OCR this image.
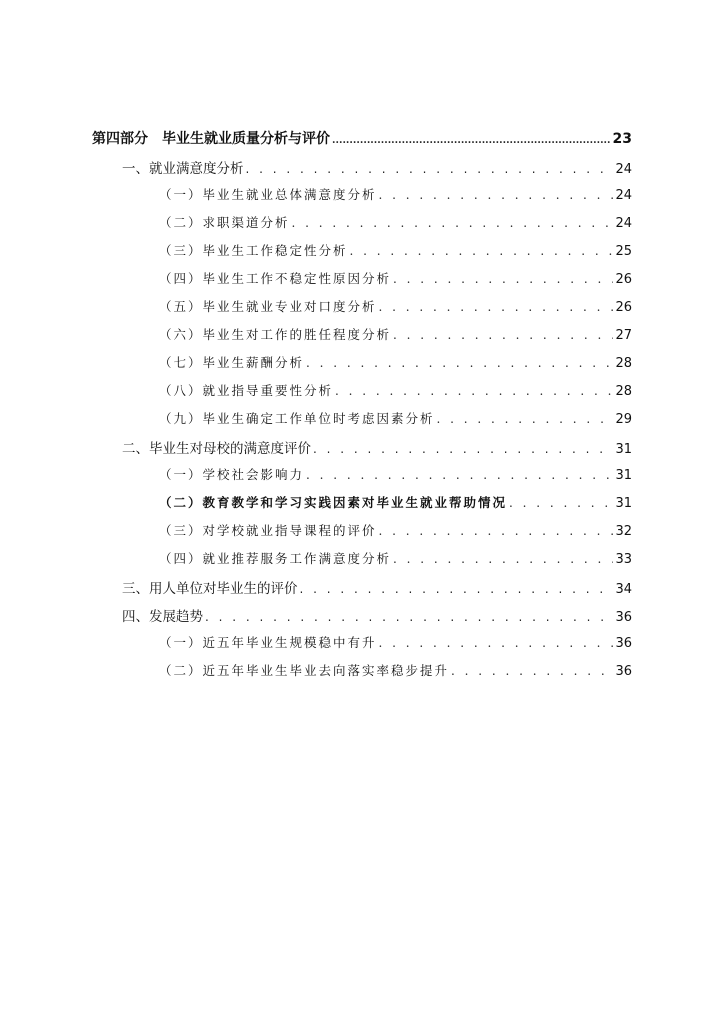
第四部分　毕业生就业质量分析与评价 .....	23
一、就业满意度分析 . . .	24
（一）毕业生就业总体满意度分析 . . .	24
（二）求职渠道分析 . . .	24
（三）毕业生工作稳定性分析 . . .	25
（四）毕业生工作不稳定性原因分析 . . .	26
（五）毕业生就业专业对口度分析 . . .	26
（六）毕业生对工作的胜任程度分析 . . .	27
（七）毕业生薪酬分析 . . .	28
（八）就业指导重要性分析 . . .	28
（九）毕业生确定工作单位时考虑因素分析 . . .	29
二、毕业生对母校的满意度评价 . . .	31
（一）学校社会影响力 . . .	31
（二）教育教学和学习实践因素对毕业生就业帮助情况 . . .	31
（三）对学校就业指导课程的评价 . . .	32
（四）就业推荐服务工作满意度分析 . . .	33
三、用人单位对毕业生的评价 . . .	34
四、发展趋势 . . .	36
（一）近五年毕业生规模稳中有升 . . .	36
（二）近五年毕业生毕业去向落实率稳步提升 . . .	36
